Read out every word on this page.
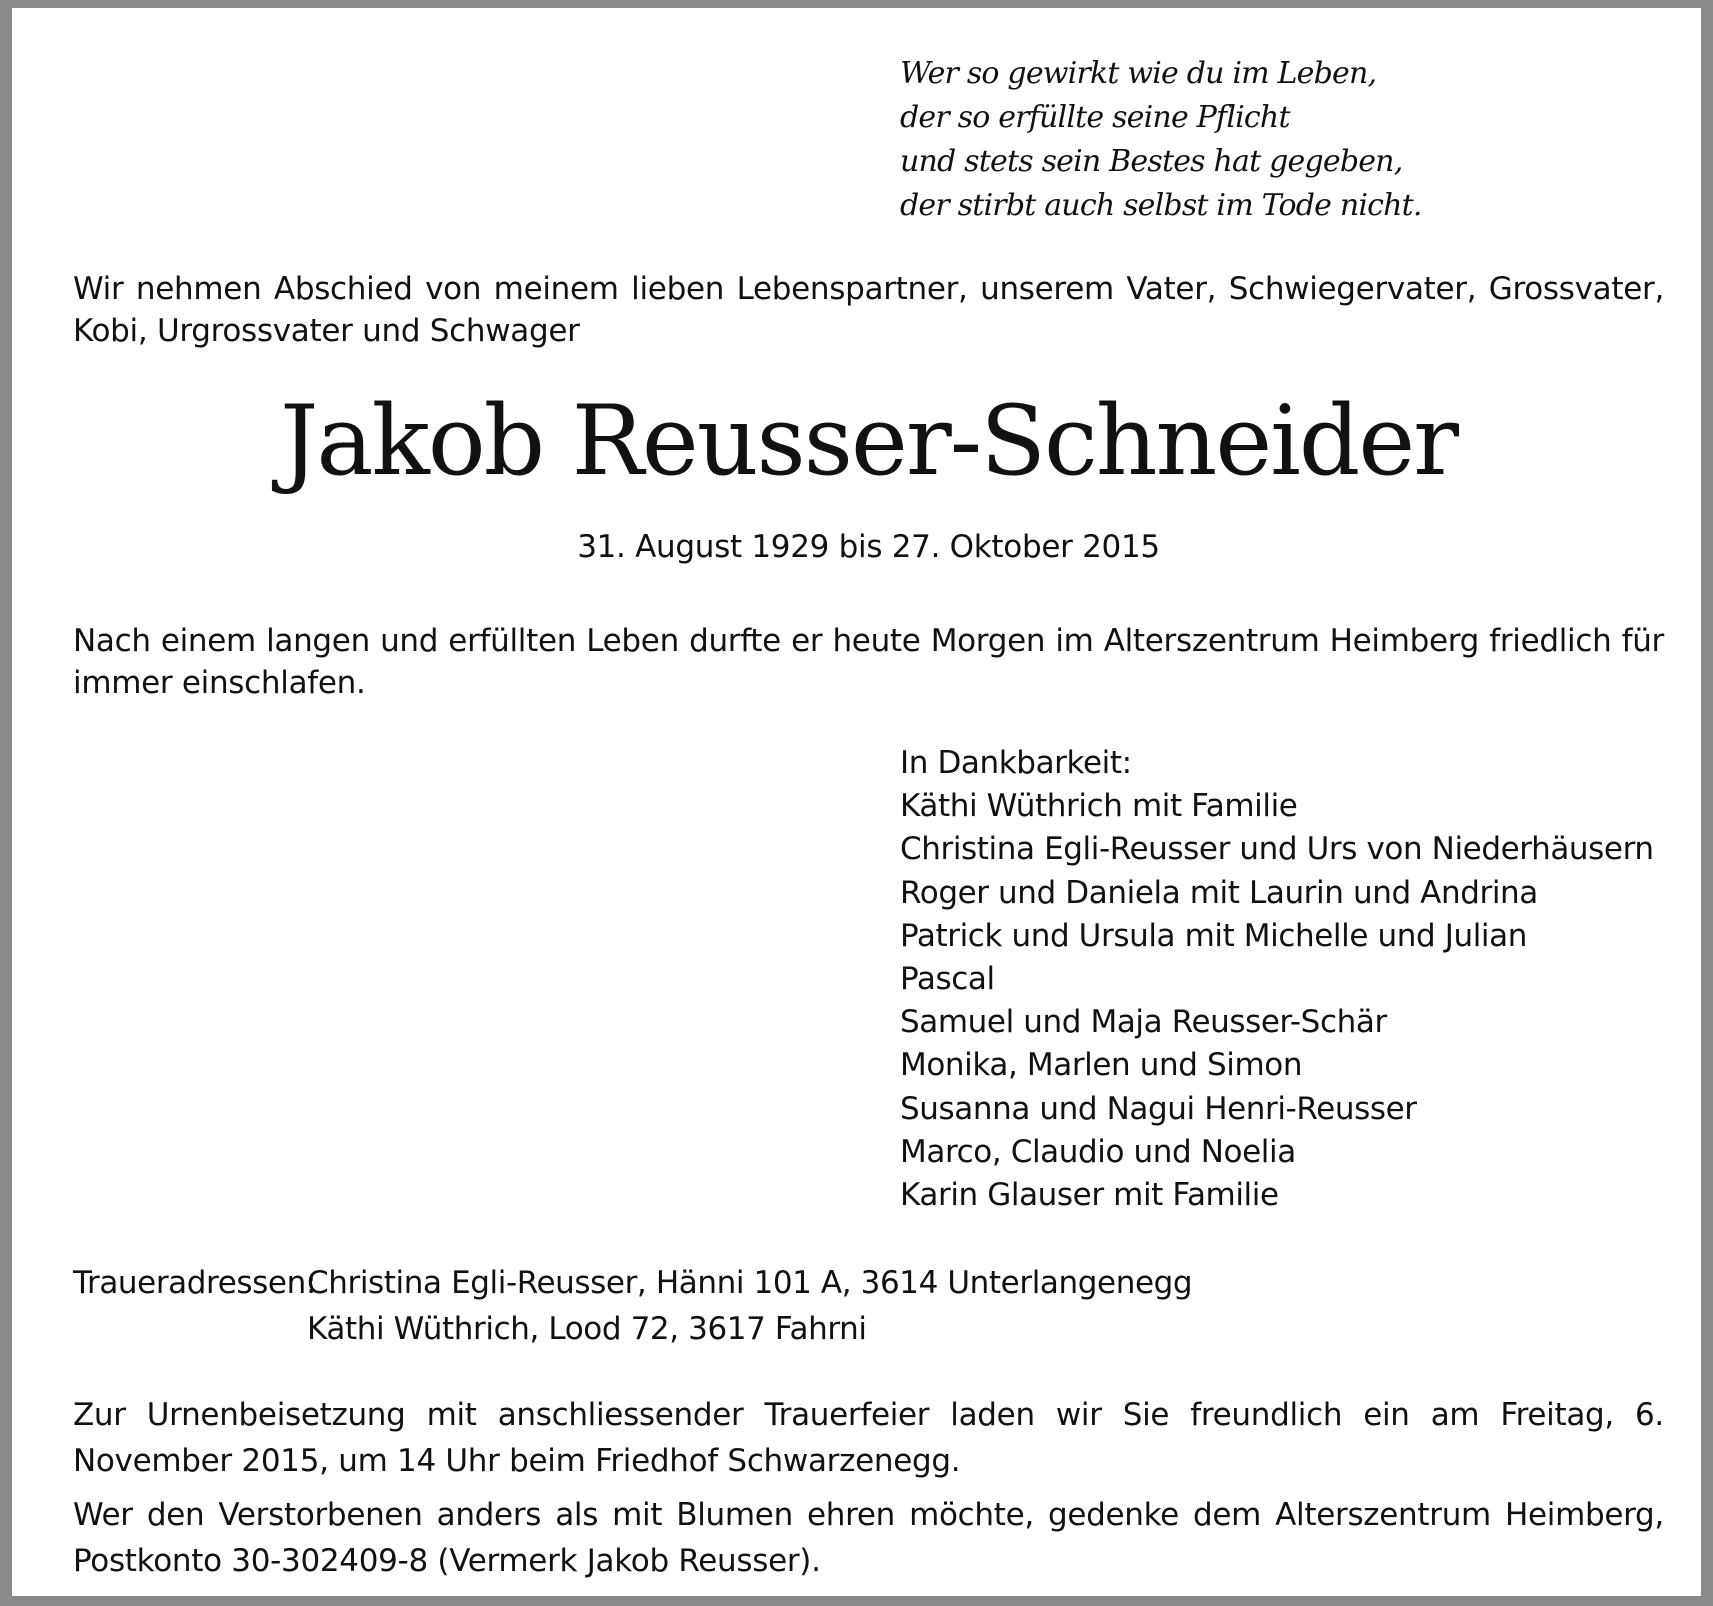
Wer so gewirkt wie du im Leben,
der so erfüllte seine Pflicht
und stets sein Bestes hat gegeben,
der stirbt auch selbst im Tode nicht.
Wir nehmen Abschied von meinem lieben Lebenspartner, unserem Vater, Schwiegervater, Grossvater, Kobi, Urgrossvater und Schwager
Jakob Reusser-Schneider
31. August 1929 bis 27. Oktober 2015
Nach einem langen und erfüllten Leben durfte er heute Morgen im Alterszentrum Heimberg friedlich für immer einschlafen.
In Dankbarkeit:
Käthi Wüthrich mit Familie
Christina Egli-Reusser und Urs von Niederhäusern
Roger und Daniela mit Laurin und Andrina
Patrick und Ursula mit Michelle und Julian
Pascal
Samuel und Maja Reusser-Schär
Monika, Marlen und Simon
Susanna und Nagui Henri-Reusser
Marco, Claudio und Noelia
Karin Glauser mit Familie
Traueradressen:
Christina Egli-Reusser, Hänni 101 A, 3614 Unterlangenegg
Käthi Wüthrich, Lood 72, 3617 Fahrni
Zur Urnenbeisetzung mit anschliessender Trauerfeier laden wir Sie freundlich ein am Freitag, 6. November 2015, um 14 Uhr beim Friedhof Schwarzenegg.
Wer den Verstorbenen anders als mit Blumen ehren möchte, gedenke dem Alterszentrum Heimberg, Postkonto 30-302409-8 (Vermerk Jakob Reusser).
